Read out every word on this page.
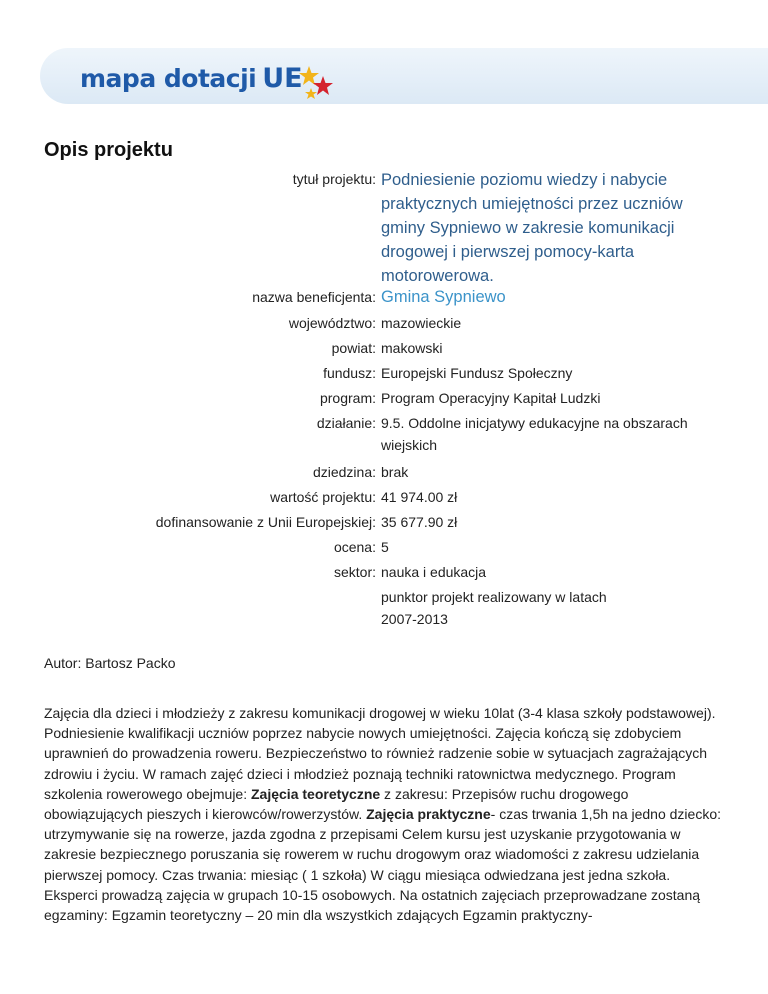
mapa dotacji UE
Opis projektu
tytuł projektu: Podniesienie poziomu wiedzy i nabycie praktycznych umiejętności przez uczniów gminy Sypniewo w zakresie komunikacji drogowej i pierwszej pomocy-karta motorowerowa.
nazwa beneficjenta: Gmina Sypniewo
województwo: mazowieckie
powiat: makowski
fundusz: Europejski Fundusz Społeczny
program: Program Operacyjny Kapitał Ludzki
działanie: 9.5. Oddolne inicjatywy edukacyjne na obszarach wiejskich
dziedzina: brak
wartość projektu: 41 974.00 zł
dofinansowanie z Unii Europejskiej: 35 677.90 zł
ocena: 5
sektor: nauka i edukacja
punktor projekt realizowany w latach 2007-2013
Autor: Bartosz Packo
Zajęcia dla dzieci i młodzieży z zakresu komunikacji drogowej w wieku 10lat (3-4 klasa szkoły podstawowej). Podniesienie kwalifikacji uczniów poprzez nabycie nowych umiejętności. Zajęcia kończą się zdobyciem uprawnień do prowadzenia roweru. Bezpieczeństwo to również radzenie sobie w sytuacjach zagrażających zdrowiu i życiu. W ramach zajęć dzieci i młodzież poznają techniki ratownictwa medycznego. Program szkolenia rowerowego obejmuje: Zajęcia teoretyczne z zakresu: Przepisów ruchu drogowego obowiązujących pieszych i kierowców/rowerzystów. Zajęcia praktyczne- czas trwania 1,5h na jedno dziecko: utrzymywanie się na rowerze, jazda zgodna z przepisami Celem kursu jest uzyskanie przygotowania w zakresie bezpiecznego poruszania się rowerem w ruchu drogowym oraz wiadomości z zakresu udzielania pierwszej pomocy. Czas trwania: miesiąc ( 1 szkoła) W ciągu miesiąca odwiedzana jest jedna szkoła. Eksperci prowadzą zajęcia w grupach 10-15 osobowych. Na ostatnich zajęciach przeprowadzane zostaną egzaminy: Egzamin teoretyczny – 20 min dla wszystkich zdających Egzamin praktyczny-
